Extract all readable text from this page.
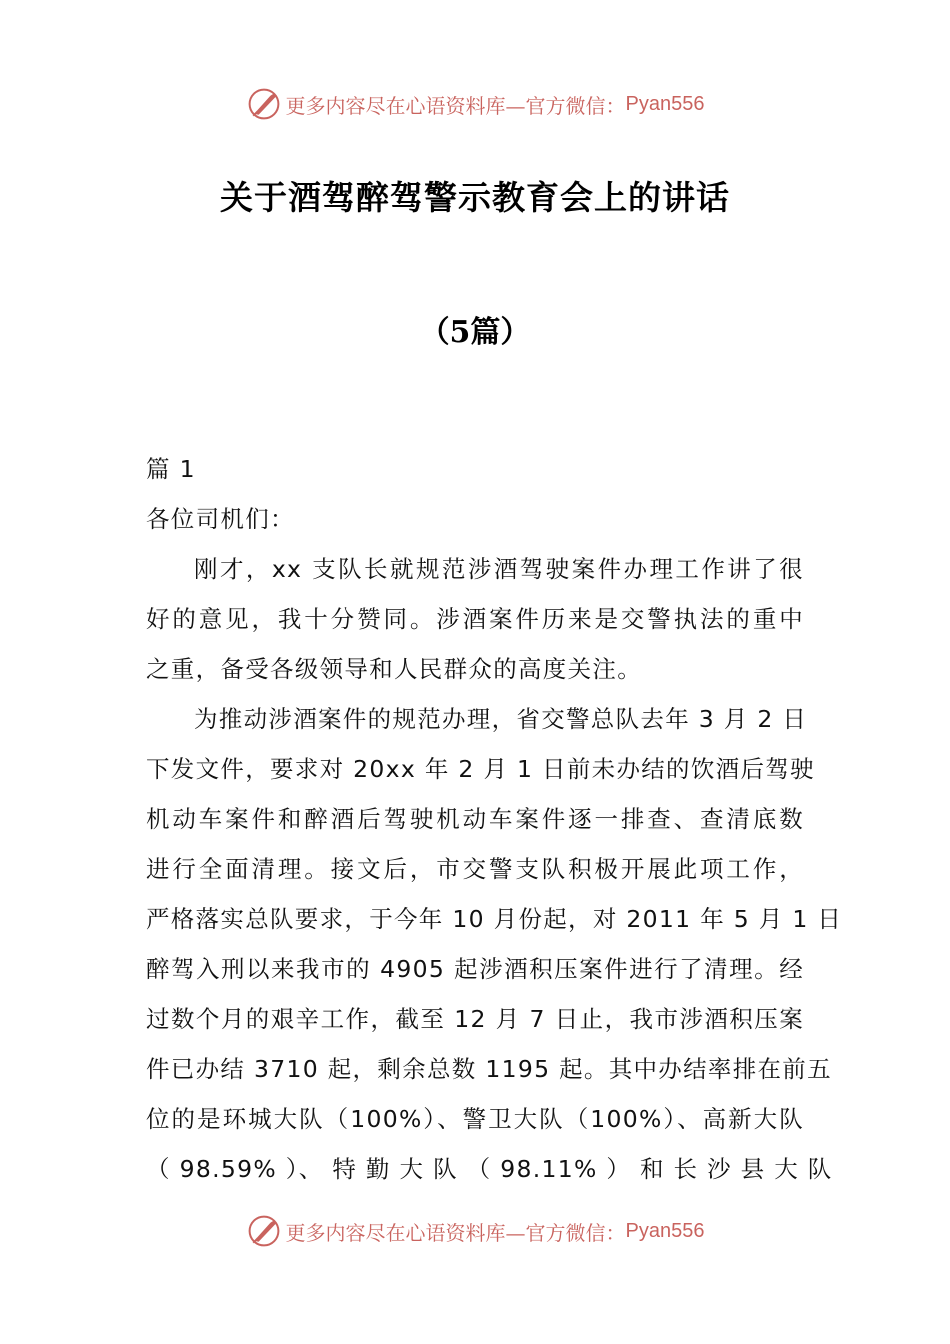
更多内容尽在心语资料库—官方微信： Pyan556
关于酒驾醉驾警示教育会上的讲话
（5篇）
篇 1
各位司机们：
刚才，xx 支队长就规范涉酒驾驶案件办理工作讲了很
好的意见，我十分赞同。涉酒案件历来是交警执法的重中
之重，备受各级领导和人民群众的高度关注。
为推动涉酒案件的规范办理，省交警总队去年 3 月 2 日
下发文件，要求对 20xx 年 2 月 1 日前未办结的饮酒后驾驶
机动车案件和醉酒后驾驶机动车案件逐一排查、查清底数
进行全面清理。接文后，市交警支队积极开展此项工作，
严格落实总队要求，于今年 10 月份起，对 2011 年 5 月 1 日
醉驾入刑以来我市的 4905 起涉酒积压案件进行了清理。经
过数个月的艰辛工作，截至 12 月 7 日止，我市涉酒积压案
件已办结 3710 起，剩余总数 1195 起。其中办结率排在前五
位的是环城大队（100%）、警卫大队（100%）、高新大队
（ 98.59% ）、 特 勤 大 队 （ 98.11% ） 和 长 沙 县 大 队
更多内容尽在心语资料库—官方微信： Pyan556
